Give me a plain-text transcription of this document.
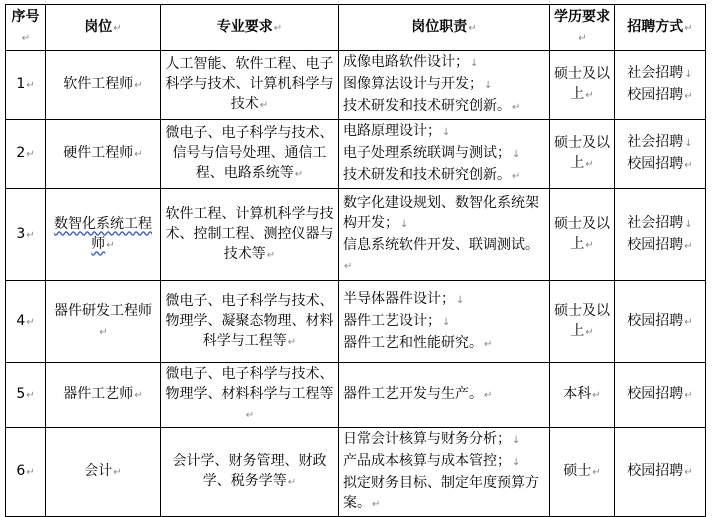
序号↵	岗位↵	专业要求↵	岗位职责↵	学历要求↵	招聘方式↵
1↵	软件工程师↵	人工智能、软件工程、电子科学与技术、计算机科学与技术↵	成像电路软件设计；↓
图像算法设计与开发；↓
技术研发和技术研究创新。↵	硕士及以上↵	社会招聘↓
校园招聘↵

2↵	硬件工程师↵	微电子、电子科学与技术、信号与信号处理、通信工程、电路系统等↵	电路原理设计；↓
电子处理系统联调与测试；↓
技术研发和技术研究创新。↵	硕士及以上↵	社会招聘↓
校园招聘↵

3↵	数智化系统工程师↵	软件工程、计算机科学与技术、控制工程、测控仪器与技术等↵	数字化建设规划、数智化系统架构开发；↓
信息系统软件开发、联调测试。↵	硕士及以上↵	社会招聘↓
校园招聘↵

4↵	器件研发工程师↵	微电子、电子科学与技术、物理学、凝聚态物理、材料科学与工程等↵	半导体器件设计；↓
器件工艺设计；↓
器件工艺和性能研究。↵	硕士及以上↵	校园招聘↵
5↵	器件工艺师↵	微电子、电子科学与技术、物理学、材料科学与工程等↵	器件工艺开发与生产。↵	本科↵	校园招聘↵
6↵	会计↵	会计学、财务管理、财政学、税务学等↵	日常会计核算与财务分析；↓
产品成本核算与成本管控；↓
拟定财务目标、制定年度预算方案。↵	硕士↵	校园招聘↵
